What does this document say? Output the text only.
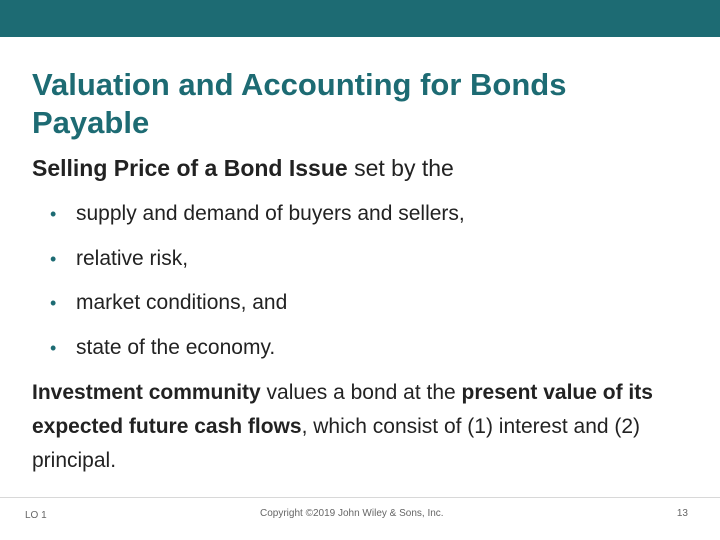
Valuation and Accounting for Bonds
Payable
Selling Price of a Bond Issue set by the
• supply and demand of buyers and sellers,
• relative risk,
• market conditions, and
• state of the economy.
Investment community values a bond at the present value of its expected future cash flows, which consist of (1) interest and (2) principal.
LO 1	Copyright ©2019 John Wiley & Sons, Inc.	13
